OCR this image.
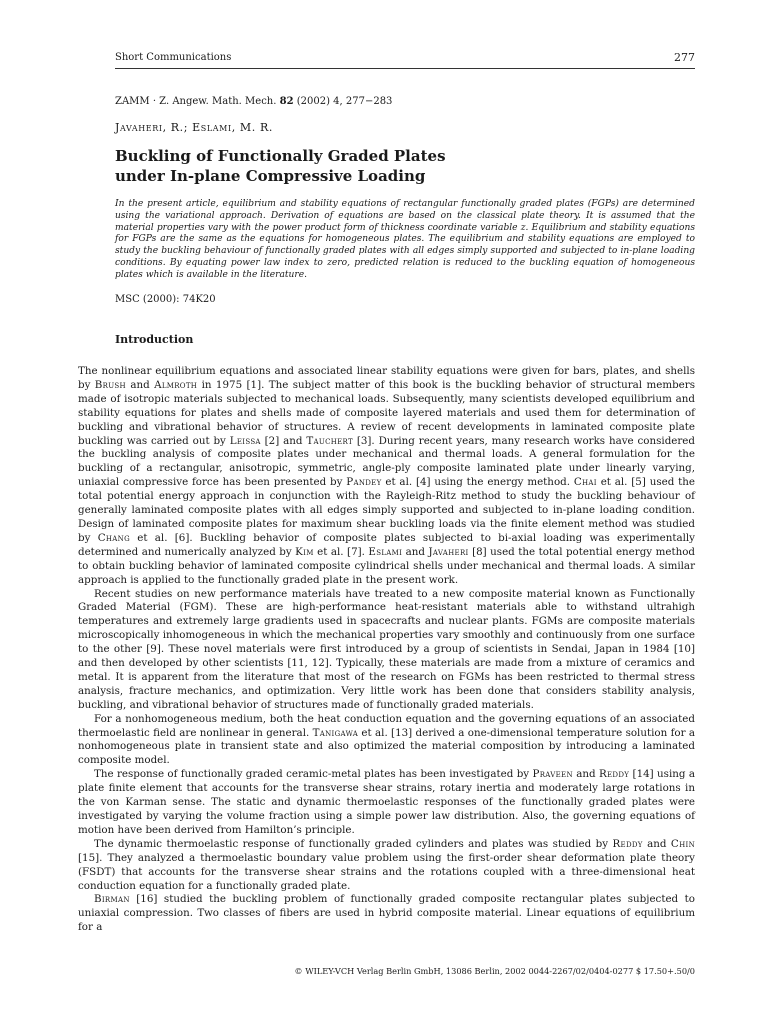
Short Communications	277
ZAMM · Z. Angew. Math. Mech. 82 (2002) 4, 277−283
Javaheri, R.; Eslami, M. R.
Buckling of Functionally Graded Plates
under In-plane Compressive Loading
In the present article, equilibrium and stability equations of rectangular functionally graded plates (FGPs) are determined using the variational approach. Derivation of equations are based on the classical plate theory. It is assumed that the material properties vary with the power product form of thickness coordinate variable z. Equilibrium and stability equations for FGPs are the same as the equations for homogeneous plates. The equilibrium and stability equations are employed to study the buckling behaviour of functionally graded plates with all edges simply supported and subjected to in-plane loading conditions. By equating power law index to zero, predicted relation is reduced to the buckling equation of homogeneous plates which is available in the literature.
MSC (2000): 74K20
Introduction

The nonlinear equilibrium equations and associated linear stability equations were given for bars, plates, and shells by Brush and Almroth in 1975 [1]. The subject matter of this book is the buckling behavior of structural members made of isotropic materials subjected to mechanical loads. Subsequently, many scientists developed equilibrium and stability equations for plates and shells made of composite layered materials and used them for determination of buckling and vibrational behavior of structures. A review of recent developments in laminated composite plate buckling was carried out by Leissa [2] and Tauchert [3]. During recent years, many research works have considered the buckling analysis of composite plates under mechanical and thermal loads. A general formulation for the buckling of a rectangular, anisotropic, symmetric, angle-ply composite laminated plate under linearly varying, uniaxial compressive force has been presented by Pandey et al. [4] using the energy method. Chai et al. [5] used the total potential energy approach in conjunction with the Rayleigh-Ritz method to study the buckling behaviour of generally laminated composite plates with all edges simply supported and subjected to in-plane loading condition. Design of laminated composite plates for maximum shear buckling loads via the finite element method was studied by Chang et al. [6]. Buckling behavior of composite plates subjected to bi-axial loading was experimentally determined and numerically analyzed by Kim et al. [7]. Eslami and Javaheri [8] used the total potential energy method to obtain buckling behavior of laminated composite cylindrical shells under mechanical and thermal loads. A similar approach is applied to the functionally graded plate in the present work.

Recent studies on new performance materials have treated to a new composite material known as Functionally Graded Material (FGM). These are high-performance heat-resistant materials able to withstand ultrahigh temperatures and extremely large gradients used in spacecrafts and nuclear plants. FGMs are composite materials microscopically inhomogeneous in which the mechanical properties vary smoothly and continuously from one surface to the other [9]. These novel materials were first introduced by a group of scientists in Sendai, Japan in 1984 [10] and then developed by other scientists [11, 12]. Typically, these materials are made from a mixture of ceramics and metal. It is apparent from the literature that most of the research on FGMs has been restricted to thermal stress analysis, fracture mechanics, and optimization. Very little work has been done that considers stability analysis, buckling, and vibrational behavior of structures made of functionally graded materials.

For a nonhomogeneous medium, both the heat conduction equation and the governing equations of an associated thermoelastic field are nonlinear in general. Tanigawa et al. [13] derived a one-dimensional temperature solution for a nonhomogeneous plate in transient state and also optimized the material composition by introducing a laminated composite model.

The response of functionally graded ceramic-metal plates has been investigated by Praveen and Reddy [14] using a plate finite element that accounts for the transverse shear strains, rotary inertia and moderately large rotations in the von Karman sense. The static and dynamic thermoelastic responses of the functionally graded plates were investigated by varying the volume fraction using a simple power law distribution. Also, the governing equations of motion have been derived from Hamilton’s principle.

The dynamic thermoelastic response of functionally graded cylinders and plates was studied by Reddy and Chin [15]. They analyzed a thermoelastic boundary value problem using the first-order shear deformation plate theory (FSDT) that accounts for the transverse shear strains and the rotations coupled with a three-dimensional heat conduction equation for a functionally graded plate.

Birman [16] studied the buckling problem of functionally graded composite rectangular plates subjected to uniaxial compression. Two classes of fibers are used in hybrid composite material. Linear equations of equilibrium for a

© WILEY-VCH Verlag Berlin GmbH, 13086 Berlin, 2002 0044-2267/02/0404-0277 $ 17.50+.50/0
